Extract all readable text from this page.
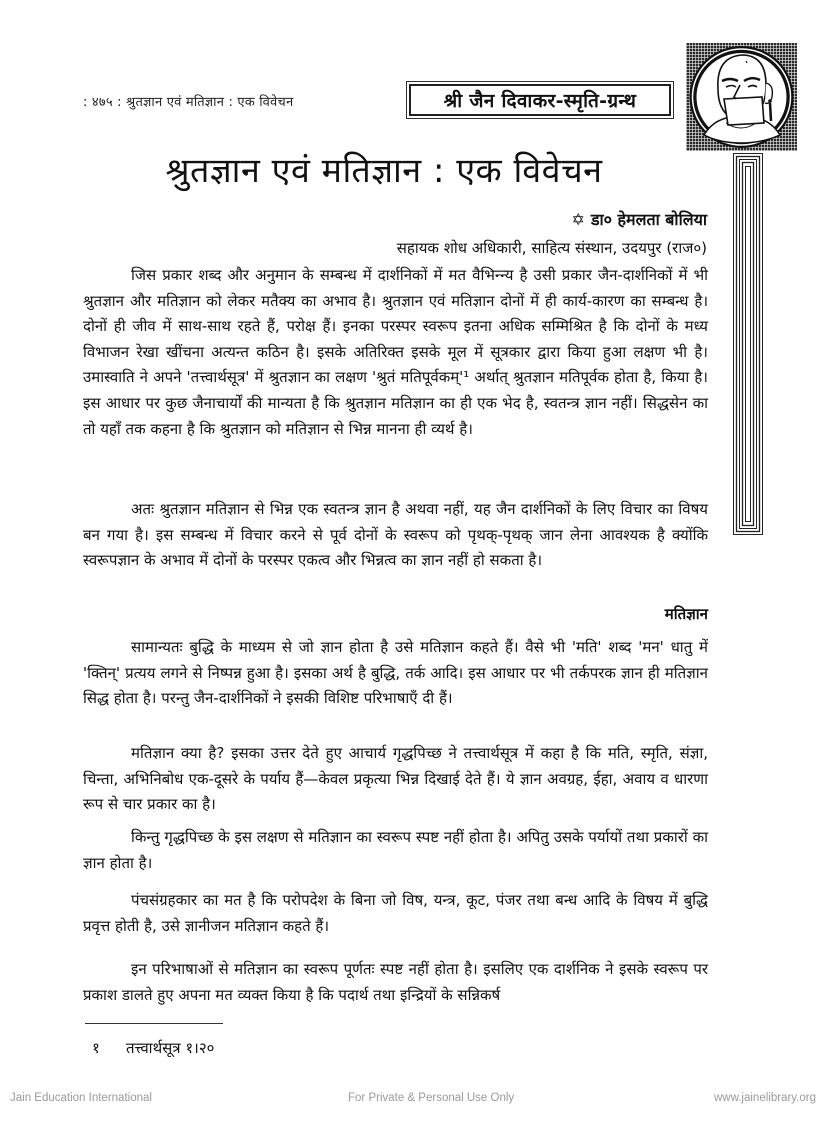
: ४७५ : श्रुतज्ञान एवं मतिज्ञान : एक विवेचन	श्री जैन दिवाकर-स्मृति-ग्रन्थ
श्रुतज्ञान एवं मतिज्ञान : एक विवेचन
✡ डा० हेमलता बोलिया
सहायक शोध अधिकारी, साहित्य संस्थान, उदयपुर (राज०)

जिस प्रकार शब्द और अनुमान के सम्बन्ध में दार्शनिकों में मत वैभिन्न्य है उसी प्रकार जैन-दार्शनिकों में भी श्रुतज्ञान और मतिज्ञान को लेकर मतैक्य का अभाव है। श्रुतज्ञान एवं मतिज्ञान दोनों में ही कार्य-कारण का सम्बन्ध है। दोनों ही जीव में साथ-साथ रहते हैं, परोक्ष हैं। इनका परस्पर स्वरूप इतना अधिक सम्मिश्रित है कि दोनों के मध्य विभाजन रेखा खींचना अत्यन्त कठिन है। इसके अतिरिक्त इसके मूल में सूत्रकार द्वारा किया हुआ लक्षण भी है। उमास्वाति ने अपने 'तत्त्वार्थसूत्र' में श्रुतज्ञान का लक्षण 'श्रुतं मतिपूर्वकम्'¹ अर्थात् श्रुतज्ञान मतिपूर्वक होता है, किया है। इस आधार पर कुछ जैनाचार्यों की मान्यता है कि श्रुतज्ञान मतिज्ञान का ही एक भेद है, स्वतन्त्र ज्ञान नहीं। सिद्धसेन का तो यहाँ तक कहना है कि श्रुतज्ञान को मतिज्ञान से भिन्न मानना ही व्यर्थ है।

अतः श्रुतज्ञान मतिज्ञान से भिन्न एक स्वतन्त्र ज्ञान है अथवा नहीं, यह जैन दार्शनिकों के लिए विचार का विषय बन गया है। इस सम्बन्ध में विचार करने से पूर्व दोनों के स्वरूप को पृथक्-पृथक् जान लेना आवश्यक है क्योंकि स्वरूपज्ञान के अभाव में दोनों के परस्पर एकत्व और भिन्नत्व का ज्ञान नहीं हो सकता है।

मतिज्ञान

सामान्यतः बुद्धि के माध्यम से जो ज्ञान होता है उसे मतिज्ञान कहते हैं। वैसे भी 'मति' शब्द 'मन' धातु में 'क्तिन्' प्रत्यय लगने से निष्पन्न हुआ है। इसका अर्थ है बुद्धि, तर्क आदि। इस आधार पर भी तर्कपरक ज्ञान ही मतिज्ञान सिद्ध होता है। परन्तु जैन-दार्शनिकों ने इसकी विशिष्ट परिभाषाएँ दी हैं।

मतिज्ञान क्या है? इसका उत्तर देते हुए आचार्य गृद्धपिच्छ ने तत्त्वार्थसूत्र में कहा है कि मति, स्मृति, संज्ञा, चिन्ता, अभिनिबोध एक-दूसरे के पर्याय हैं—केवल प्रकृत्या भिन्न दिखाई देते हैं। ये ज्ञान अवग्रह, ईहा, अवाय व धारणा रूप से चार प्रकार का है।

किन्तु गृद्धपिच्छ के इस लक्षण से मतिज्ञान का स्वरूप स्पष्ट नहीं होता है। अपितु उसके पर्यायों तथा प्रकारों का ज्ञान होता है।

पंचसंग्रहकार का मत है कि परोपदेश के बिना जो विष, यन्त्र, कूट, पंजर तथा बन्ध आदि के विषय में बुद्धि प्रवृत्त होती है, उसे ज्ञानीजन मतिज्ञान कहते हैं।

इन परिभाषाओं से मतिज्ञान का स्वरूप पूर्णतः स्पष्ट नहीं होता है। इसलिए एक दार्शनिक ने इसके स्वरूप पर प्रकाश डालते हुए अपना मत व्यक्त किया है कि पदार्थ तथा इन्द्रियों के सन्निकर्ष

१ तत्त्वार्थसूत्र १।२०
Jain Education International	For Private & Personal Use Only	www.jainelibrary.org
